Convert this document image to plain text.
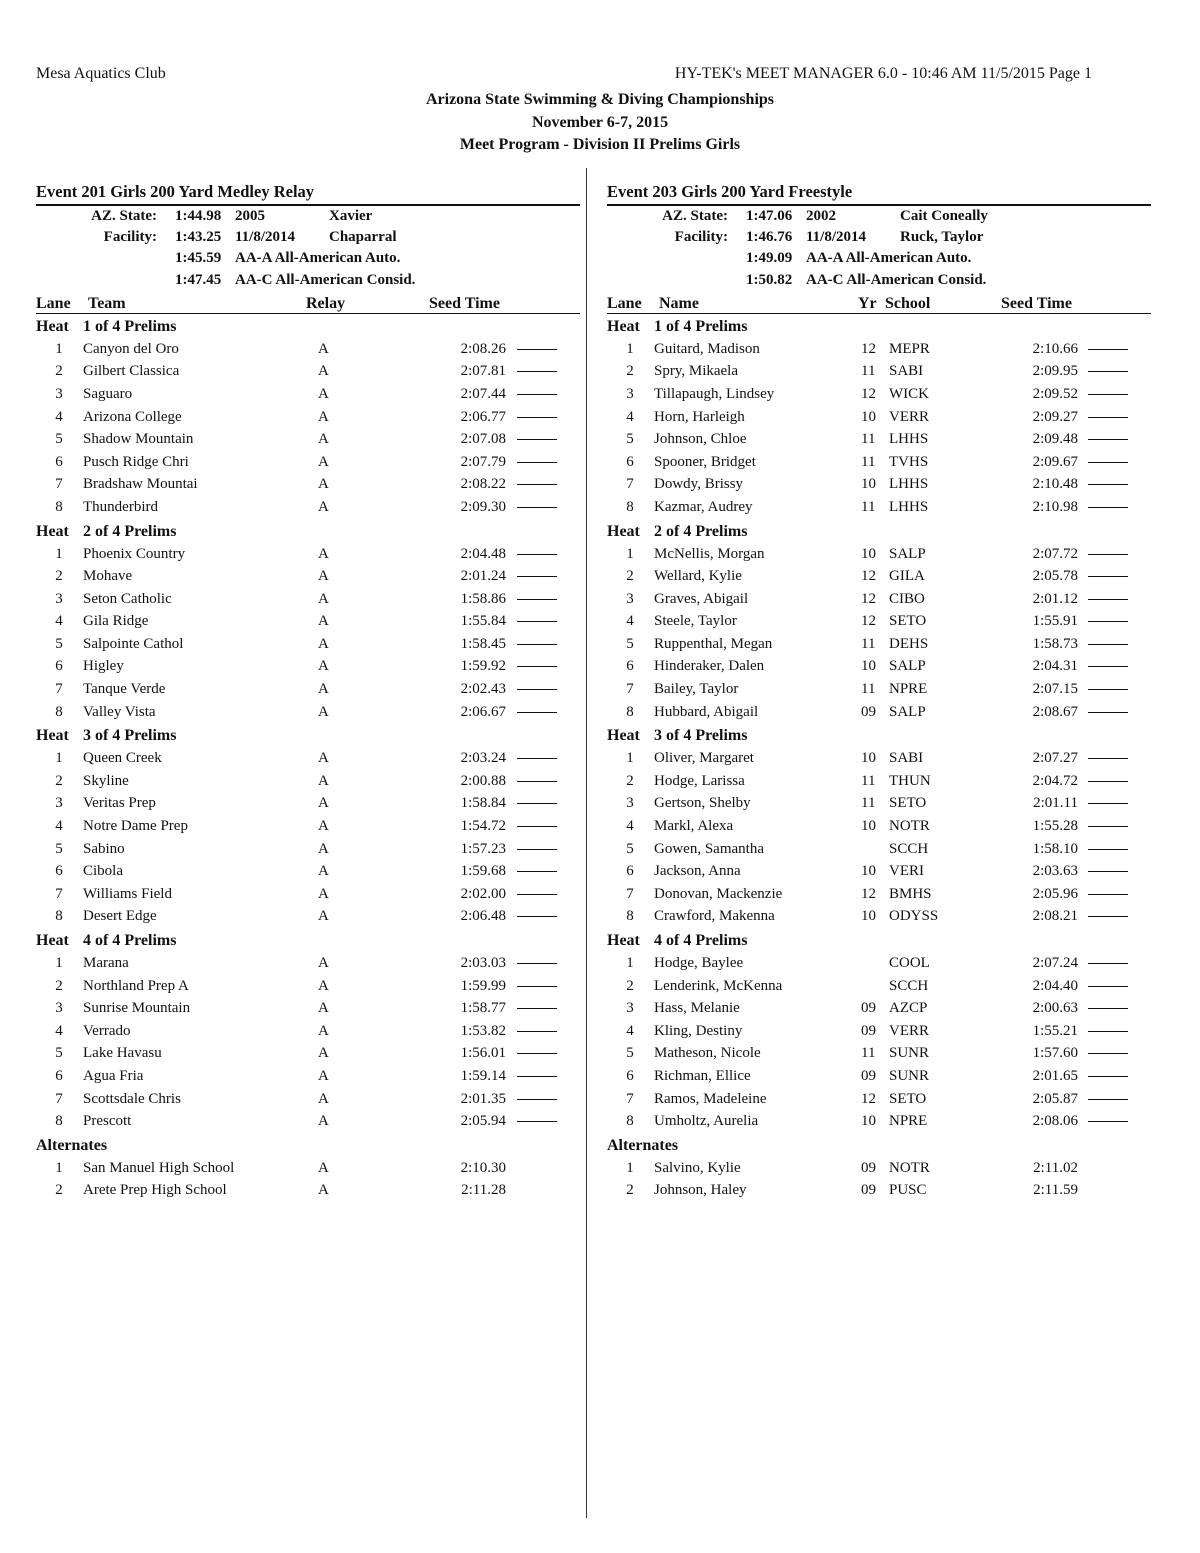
Mesa Aquatics Club	HY-TEK's MEET MANAGER 6.0 - 10:46 AM 11/5/2015 Page 1
Arizona State Swimming & Diving Championships
November 6-7, 2015
Meet Program - Division II Prelims Girls
Event 201 Girls 200 Yard Medley Relay
AZ. State: 1:44.98 2005	Xavier
Facility: 1:43.25 11/8/2014 Chaparral
1:45.59 AA-A All-American Auto.
1:47.45 AA-C All-American Consid.
Lane Team	Relay	Seed Time
Heat 1 of 4 Prelims
1	Canyon del Oro	A	2:08.26
2	Gilbert Classica	A	2:07.81
3	Saguaro	A	2:07.44
4	Arizona College	A	2:06.77
5	Shadow Mountain	A	2:07.08
6	Pusch Ridge Chri	A	2:07.79
7	Bradshaw Mountai	A	2:08.22
8	Thunderbird	A	2:09.30
Heat 2 of 4 Prelims
1	Phoenix Country	A	2:04.48
2	Mohave	A	2:01.24
3	Seton Catholic	A	1:58.86
4	Gila Ridge	A	1:55.84
5	Salpointe Cathol	A	1:58.45
6	Higley	A	1:59.92
7	Tanque Verde	A	2:02.43
8	Valley Vista	A	2:06.67
Heat 3 of 4 Prelims
1	Queen Creek	A	2:03.24
2	Skyline	A	2:00.88
3	Veritas Prep	A	1:58.84
4	Notre Dame Prep	A	1:54.72
5	Sabino	A	1:57.23
6	Cibola	A	1:59.68
7	Williams Field	A	2:02.00
8	Desert Edge	A	2:06.48
Heat 4 of 4 Prelims
1	Marana	A	2:03.03
2	Northland Prep A	A	1:59.99
3	Sunrise Mountain	A	1:58.77
4	Verrado	A	1:53.82
5	Lake Havasu	A	1:56.01
6	Agua Fria	A	1:59.14
7	Scottsdale Chris	A	2:01.35
8	Prescott	A	2:05.94
Alternates
1	San Manuel High School	A	2:10.30
2	Arete Prep High School	A	2:11.28
Event 203 Girls 200 Yard Freestyle
AZ. State: 1:47.06 2002	Cait Coneally
Facility: 1:46.76 11/8/2014 Ruck, Taylor
1:49.09 AA-A All-American Auto.
1:50.82 AA-C All-American Consid.
Lane Name	Yr School	Seed Time
Heat 1 of 4 Prelims
1	Guitard, Madison	12 MEPR	2:10.66
2	Spry, Mikaela	11 SABI	2:09.95
3	Tillapaugh, Lindsey	12 WICK	2:09.52
4	Horn, Harleigh	10 VERR	2:09.27
5	Johnson, Chloe	11 LHHS	2:09.48
6	Spooner, Bridget	11 TVHS	2:09.67
7	Dowdy, Brissy	10 LHHS	2:10.48
8	Kazmar, Audrey	11 LHHS	2:10.98
Heat 2 of 4 Prelims
1	McNellis, Morgan	10 SALP	2:07.72
2	Wellard, Kylie	12 GILA	2:05.78
3	Graves, Abigail	12 CIBO	2:01.12
4	Steele, Taylor	12 SETO	1:55.91
5	Ruppenthal, Megan	11 DEHS	1:58.73
6	Hinderaker, Dalen	10 SALP	2:04.31
7	Bailey, Taylor	11 NPRE	2:07.15
8	Hubbard, Abigail	09 SALP	2:08.67
Heat 3 of 4 Prelims
1	Oliver, Margaret	10 SABI	2:07.27
2	Hodge, Larissa	11 THUN	2:04.72
3	Gertson, Shelby	11 SETO	2:01.11
4	Markl, Alexa	10 NOTR	1:55.28
5	Gowen, Samantha	SCCH	1:58.10
6	Jackson, Anna	10 VERI	2:03.63
7	Donovan, Mackenzie	12 BMHS	2:05.96
8	Crawford, Makenna	10 ODYSS	2:08.21
Heat 4 of 4 Prelims
1	Hodge, Baylee	COOL	2:07.24
2	Lenderink, McKenna	SCCH	2:04.40
3	Hass, Melanie	09 AZCP	2:00.63
4	Kling, Destiny	09 VERR	1:55.21
5	Matheson, Nicole	11 SUNR	1:57.60
6	Richman, Ellice	09 SUNR	2:01.65
7	Ramos, Madeleine	12 SETO	2:05.87
8	Umholtz, Aurelia	10 NPRE	2:08.06
Alternates
1	Salvino, Kylie	09 NOTR	2:11.02
2	Johnson, Haley	09 PUSC	2:11.59
